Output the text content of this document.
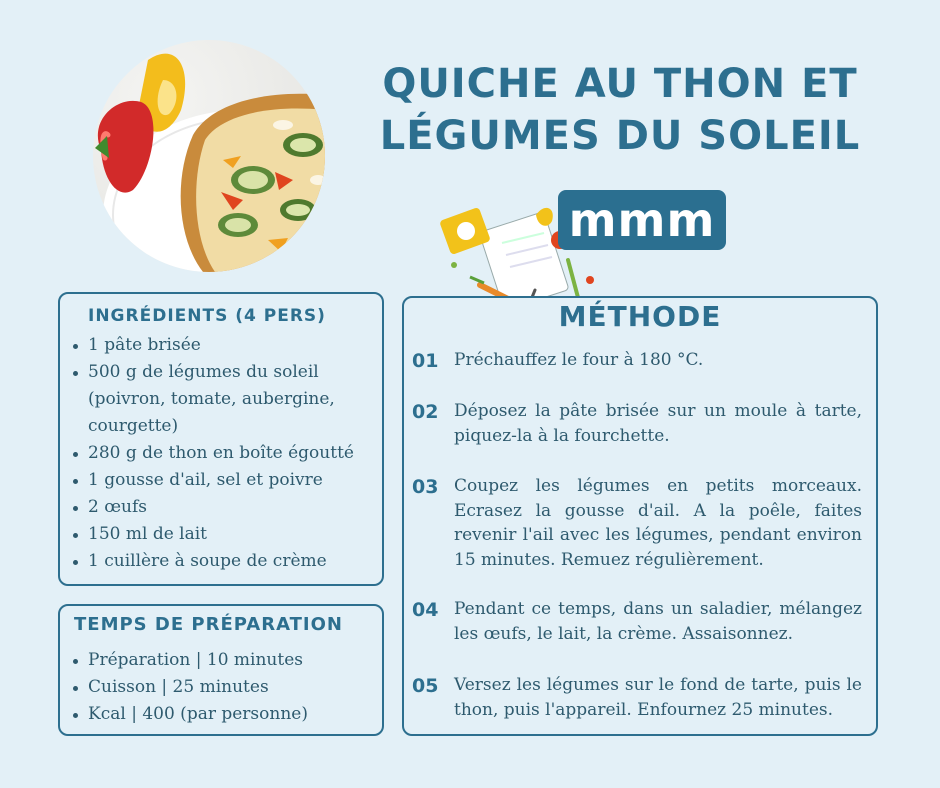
QUICHE AU THON ET
LÉGUMES DU SOLEIL
mmm
INGRÉDIENTS (4 PERS)
1 pâte brisée
500 g de légumes du soleil (poivron, tomate, aubergine, courgette)
280 g de thon en boîte égoutté
1 gousse d'ail, sel et poivre
2 œufs
150 ml de lait
1 cuillère à soupe de crème
TEMPS DE PRÉPARATION
Préparation | 10 minutes
Cuisson | 25 minutes
Kcal | 400 (par personne)
MÉTHODE
01 Préchauffez le four à 180 °C.
02 Déposez la pâte brisée sur un moule à tarte, piquez-la à la fourchette.
03 Coupez les légumes en petits morceaux. Ecrasez la gousse d'ail. A la poêle, faites revenir l'ail avec les légumes, pendant environ 15 minutes. Remuez régulièrement.
04 Pendant ce temps, dans un saladier, mélangez les œufs, le lait, la crème. Assaisonnez.
05 Versez les légumes sur le fond de tarte, puis le thon, puis l'appareil. Enfournez 25 minutes.
